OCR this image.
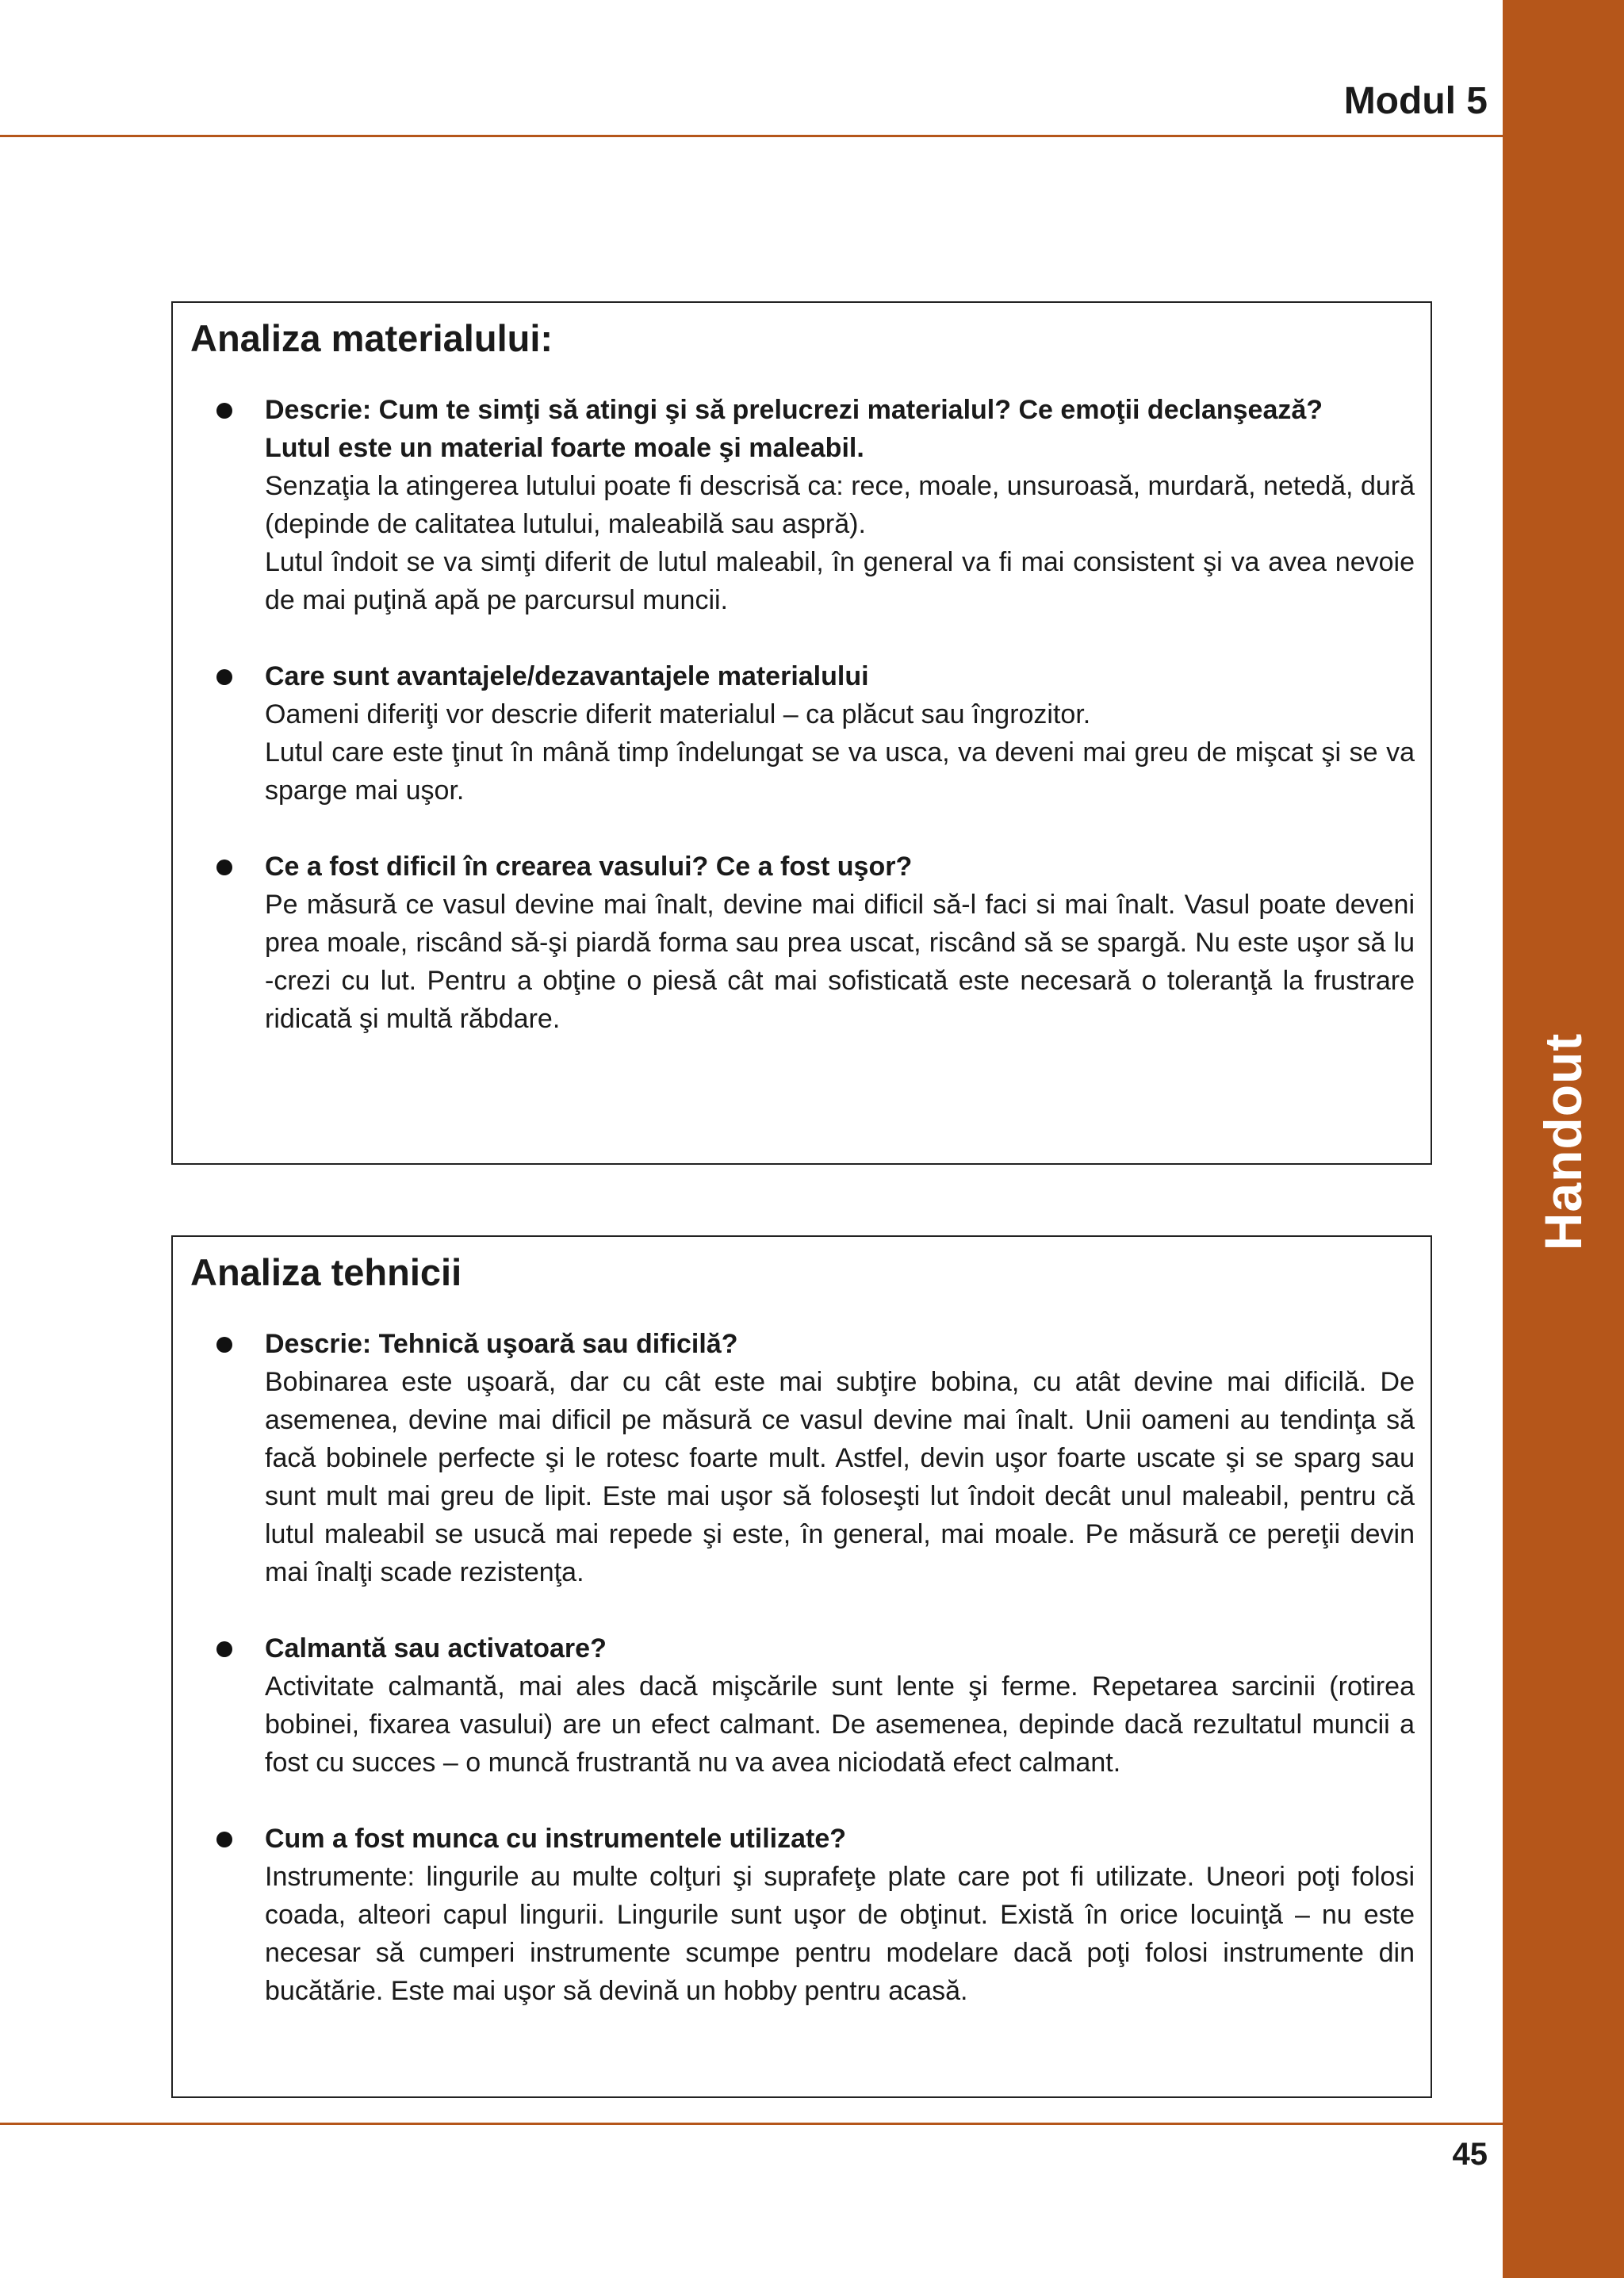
Handout
Modul 5
Analiza materialului:

Descrie: Cum te simţi să atingi şi să prelucrezi materialul? Ce emoţii declanşează?

Lutul este un material foarte moale şi maleabil.

Senzaţia la atingerea lutului poate fi descrisă ca: rece, moale, unsuroasă, murdară, netedă, dură (depinde de calitatea lutului, maleabilă sau aspră).

Lutul îndoit se va simţi diferit de lutul maleabil, în general va fi mai consistent şi va avea nevoie de mai puţină apă pe parcursul muncii.

Care sunt avantajele/dezavantajele materialului

Oameni diferiţi vor descrie diferit materialul – ca plăcut sau îngrozitor.

Lutul care este ţinut în mână timp îndelungat se va usca, va deveni mai greu de mişcat şi se va sparge mai uşor.

Ce a fost dificil în crearea vasului? Ce a fost uşor?

Pe măsură ce vasul devine mai înalt, devine mai dificil să-l faci si mai înalt. Vasul poate deveni prea moale, riscând să-şi piardă forma sau prea uscat, riscând să se spargă. Nu este uşor să lu -crezi cu lut. Pentru a obţine o piesă cât mai sofisticată este necesară o toleranţă la frustrare ridicată şi multă răbdare.

Analiza tehnicii

Descrie: Tehnică uşoară sau dificilă?

Bobinarea este uşoară, dar cu cât este mai subţire bobina, cu atât devine mai dificilă. De asemenea, devine mai dificil pe măsură ce vasul devine mai înalt. Unii oameni au tendinţa să facă bobinele perfecte şi le rotesc foarte mult. Astfel, devin uşor foarte uscate şi se sparg sau sunt mult mai greu de lipit. Este mai uşor să foloseşti lut îndoit decât unul maleabil, pentru că lutul maleabil se usucă mai repede şi este, în general, mai moale. Pe măsură ce pereţii devin mai înalţi scade rezistenţa.

Calmantă sau activatoare?

Activitate calmantă, mai ales dacă mişcările sunt lente şi ferme. Repetarea sarcinii (rotirea bobinei, fixarea vasului) are un efect calmant. De asemenea, depinde dacă rezultatul muncii a fost cu succes – o muncă frustrantă nu va avea niciodată efect calmant.

Cum a fost munca cu instrumentele utilizate?

Instrumente: lingurile au multe colţuri şi suprafeţe plate care pot fi utilizate. Uneori poţi folosi coada, alteori capul lingurii. Lingurile sunt uşor de obţinut. Există în orice locuinţă – nu este necesar să cumperi instrumente scumpe pentru modelare dacă poţi folosi instrumente din bucătărie. Este mai uşor să devină un hobby pentru acasă.

45
